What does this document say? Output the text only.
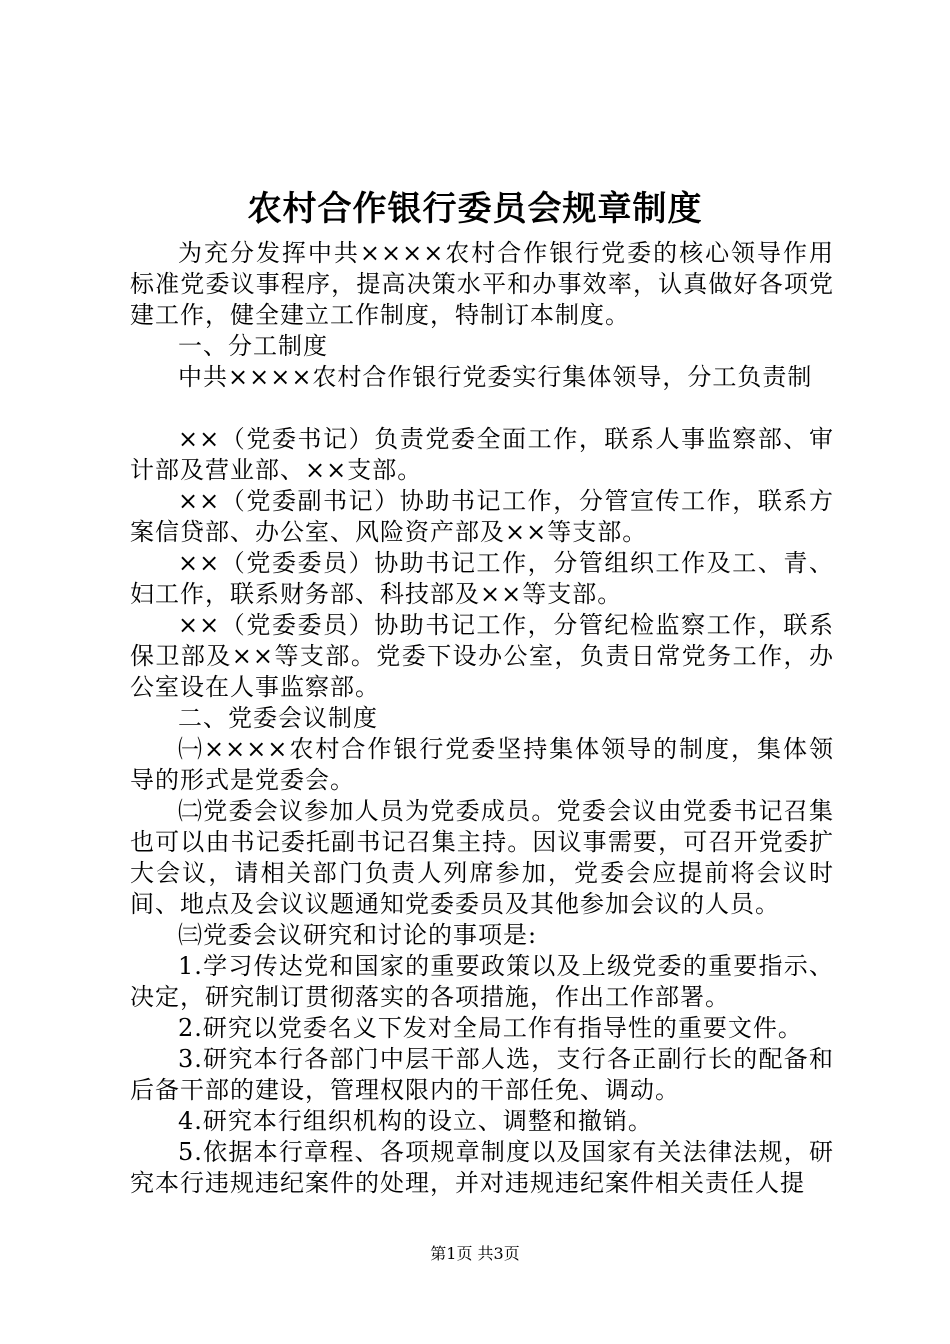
农村合作银行委员会规章制度

为充分发挥中共××××农村合作银行党委的核心领导作用标准党委议事程序，提高决策水平和办事效率，认真做好各项党建工作，健全建立工作制度，特制订本制度。

一、分工制度

中共××××农村合作银行党委实行集体领导，分工负责制

××（党委书记）负责党委全面工作，联系人事监察部、审计部及营业部、××支部。

××（党委副书记）协助书记工作，分管宣传工作，联系方案信贷部、办公室、风险资产部及××等支部。

××（党委委员）协助书记工作，分管组织工作及工、青、妇工作，联系财务部、科技部及××等支部。

××（党委委员）协助书记工作，分管纪检监察工作，联系保卫部及××等支部。党委下设办公室，负责日常党务工作，办公室设在人事监察部。

二、党委会议制度

㈠××××农村合作银行党委坚持集体领导的制度，集体领导的形式是党委会。

㈡党委会议参加人员为党委成员。党委会议由党委书记召集也可以由书记委托副书记召集主持。因议事需要，可召开党委扩大会议，请相关部门负责人列席参加，党委会应提前将会议时间、地点及会议议题通知党委委员及其他参加会议的人员。

㈢党委会议研究和讨论的事项是:

1.学习传达党和国家的重要政策以及上级党委的重要指示、决定，研究制订贯彻落实的各项措施，作出工作部署。

2.研究以党委名义下发对全局工作有指导性的重要文件。

3.研究本行各部门中层干部人选，支行各正副行长的配备和后备干部的建设，管理权限内的干部任免、调动。

4.研究本行组织机构的设立、调整和撤销。

5.依据本行章程、各项规章制度以及国家有关法律法规，研究本行违规违纪案件的处理，并对违规违纪案件相关责任人提

第1页 共3页
